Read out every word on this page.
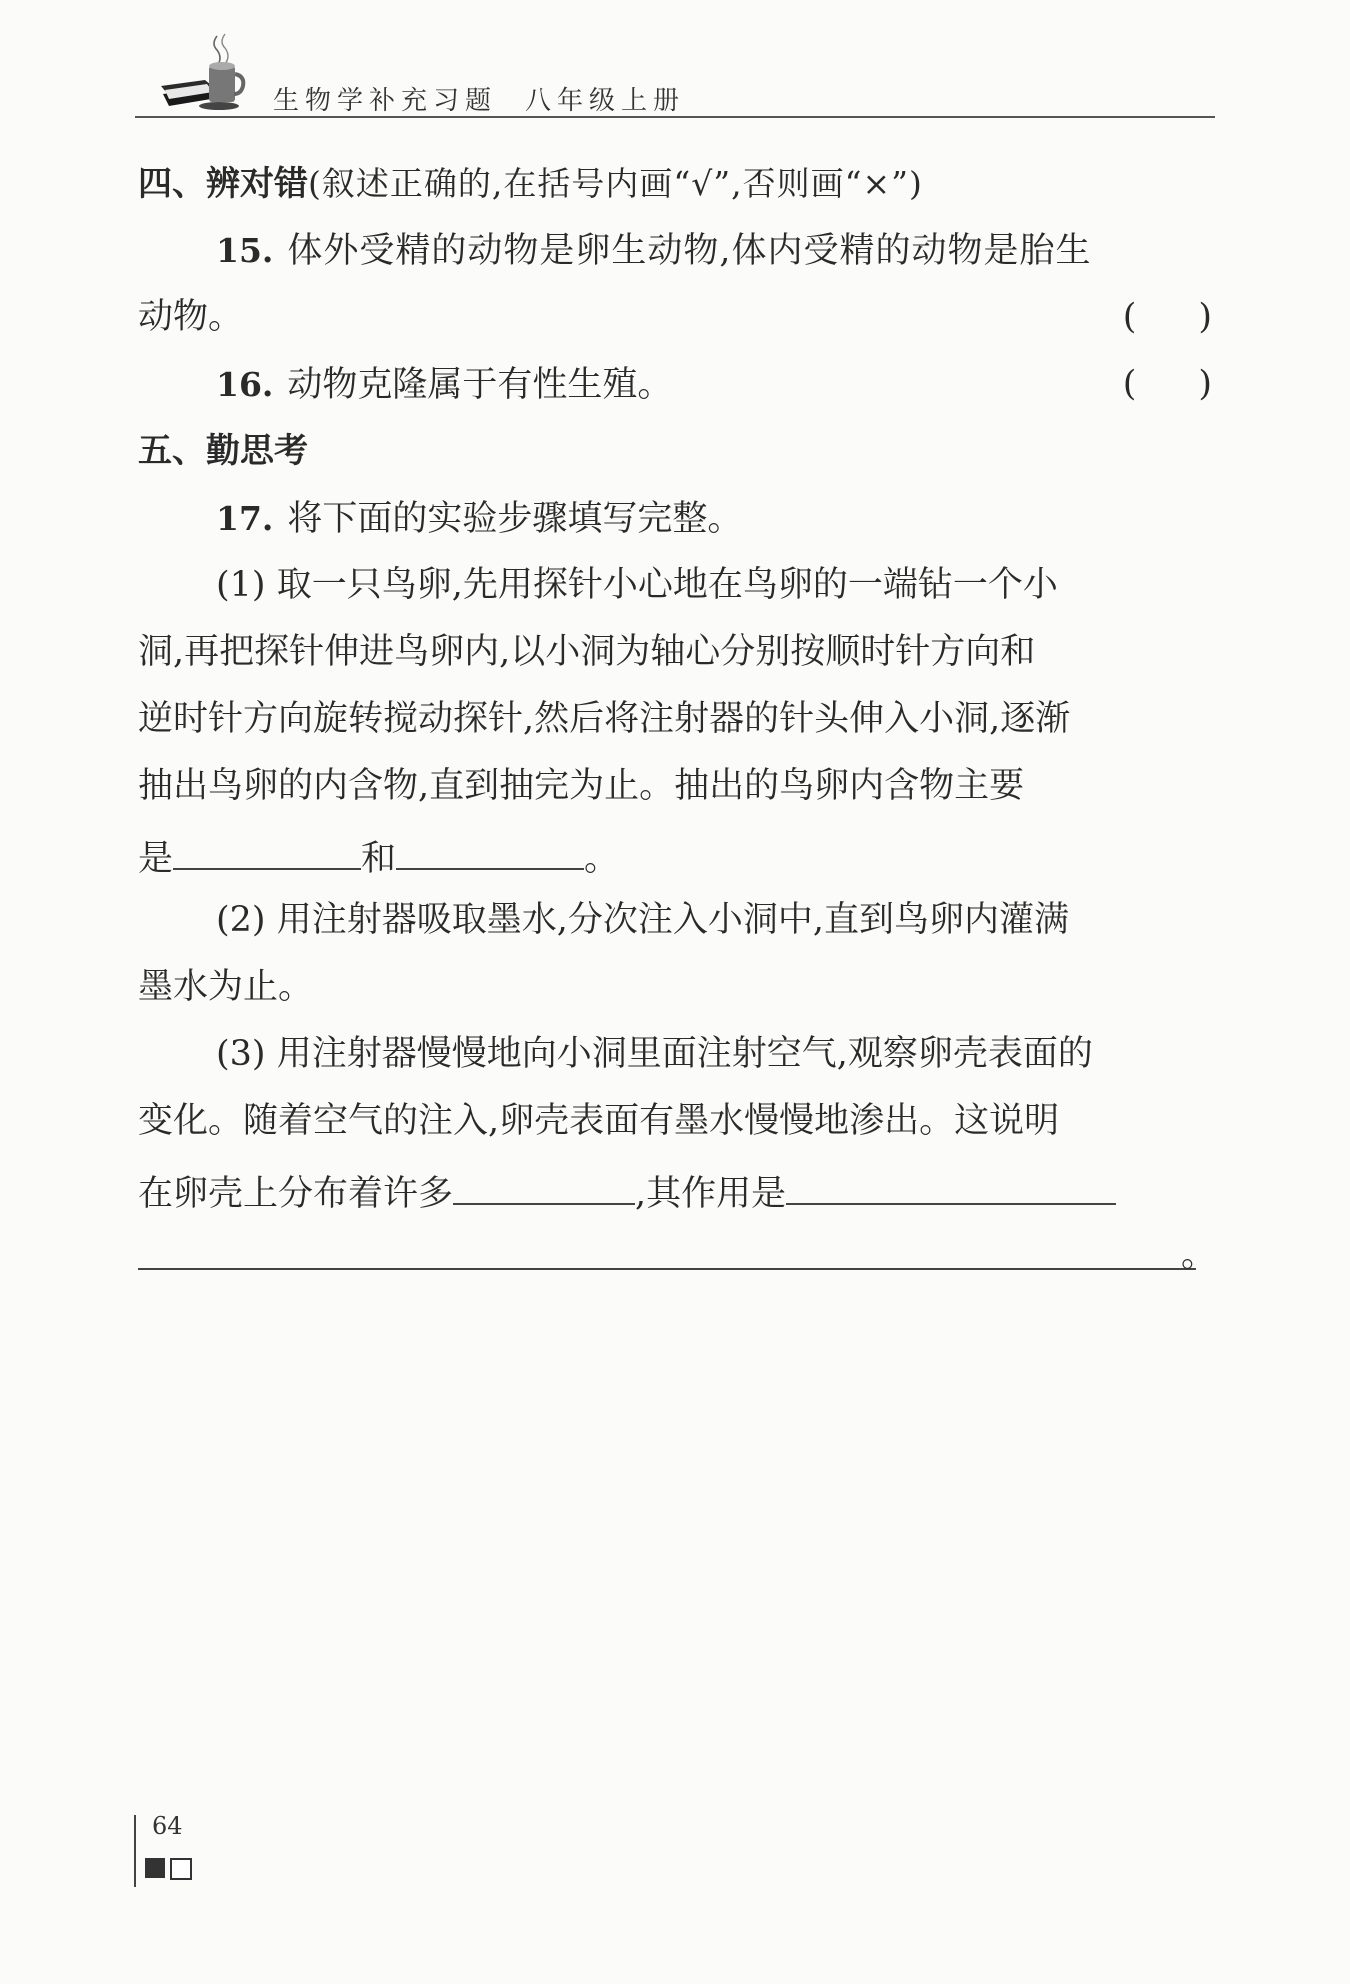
生物学补充习题 八年级上册
四、辨对错(叙述正确的,在括号内画“√”,否则画“×”)
15. 体外受精的动物是卵生动物,体内受精的动物是胎生
动物。	( )
16. 动物克隆属于有性生殖。	( )
五、勤思考
17. 将下面的实验步骤填写完整。
(1) 取一只鸟卵,先用探针小心地在鸟卵的一端钻一个小
洞,再把探针伸进鸟卵内,以小洞为轴心分别按顺时针方向和
逆时针方向旋转搅动探针,然后将注射器的针头伸入小洞,逐渐
抽出鸟卵的内含物,直到抽完为止。抽出的鸟卵内含物主要
是	和	。
(2) 用注射器吸取墨水,分次注入小洞中,直到鸟卵内灌满
墨水为止。
(3) 用注射器慢慢地向小洞里面注射空气,观察卵壳表面的
变化。随着空气的注入,卵壳表面有墨水慢慢地渗出。这说明
在卵壳上分布着许多	,其作用是
。
64
